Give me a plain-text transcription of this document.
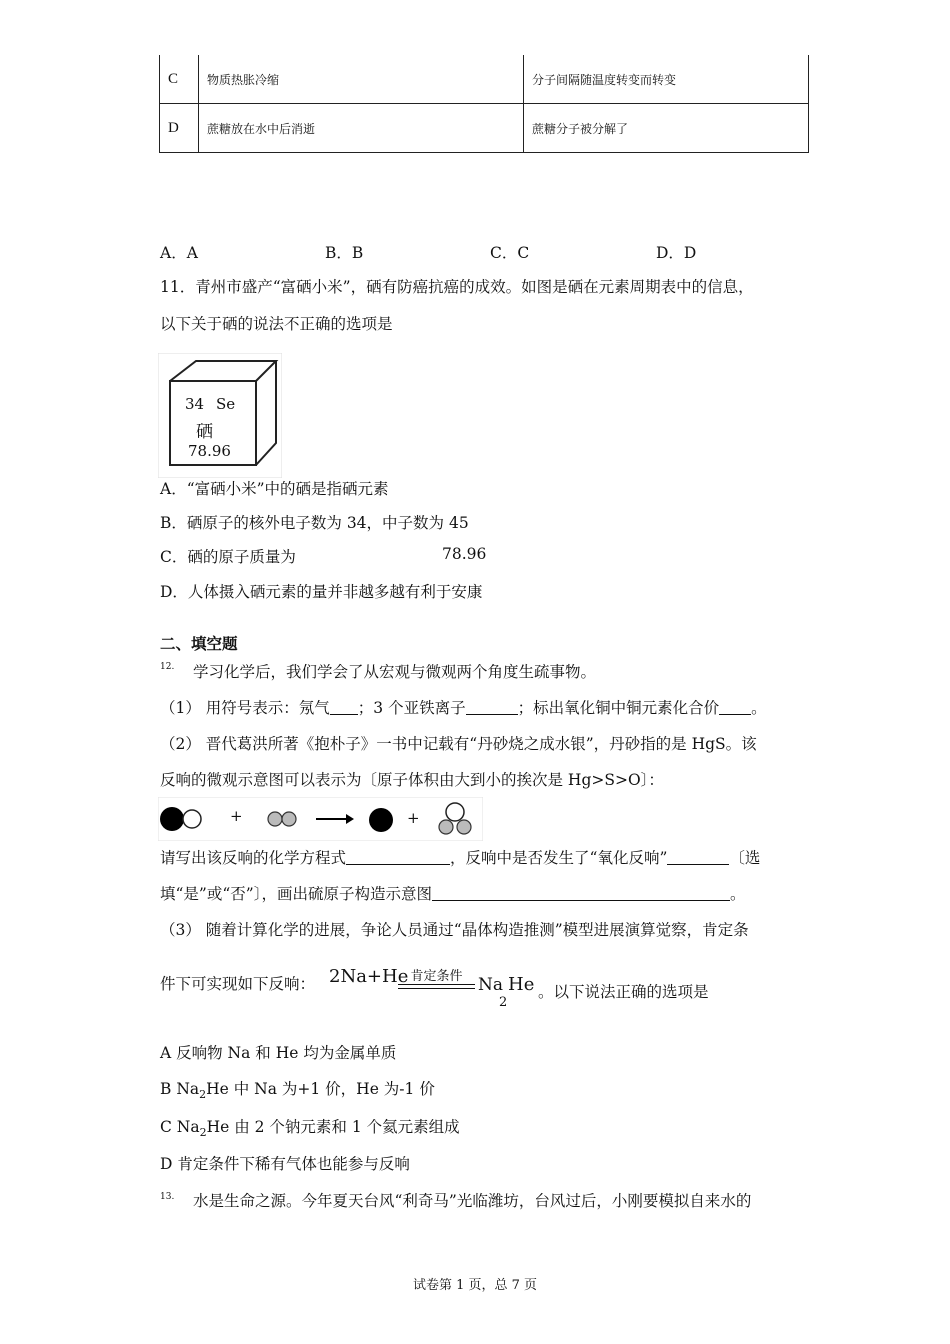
C	物质热胀冷缩	分子间隔随温度转变而转变
D	蔗糖放在水中后消逝	蔗糖分子被分解了
A．A	B．B	C．C	D．D
11．青州市盛产“富硒小米”，硒有防癌抗癌的成效。如图是硒在元素周期表中的信息，
以下关于硒的说法不正确的选项是
34 Se
硒
78.96
A．“富硒小米”中的硒是指硒元素
B．硒原子的核外电子数为 34，中子数为 45
C．硒的原子质量为	78.96
D．人体摄入硒元素的量并非越多越有利于安康
二、填空题
12. 学习化学后，我们学会了从宏观与微观两个角度生疏事物。
（1） 用符号表示：氖气 ；3 个亚铁离子	；标出氧化铜中铜元素化合价 。
（2） 晋代葛洪所著《抱朴子》一书中记载有“丹砂烧之成水银”，丹砂指的是 HgS。该
反响的微观示意图可以表示为〔原子体积由大到小的挨次是 Hg>S>O〕：
+	+
请写出该反响的化学方程式	，反响中是否发生了“氧化反响”	〔选
填“是”或“否”〕，画出硫原子构造示意图	。
（3） 随着计算化学的进展，争论人员通过“晶体构造推测”模型进展演算觉察，肯定条
件下可实现如下反响： 2Na+He 肯定条件 Na He
2
。以下说法正确的选项是
A 反响物 Na 和 He 均为金属单质
B $Na_2He$ 中 Na 为+1 价，He 为-1 价
C $Na_2He$ 由 2 个钠元素和 1 个氦元素组成
D 肯定条件下稀有气体也能参与反响
13. 水是生命之源。今年夏天台风“利奇马”光临潍坊，台风过后，小刚要模拟自来水的
试卷第 1 页，总 7 页
